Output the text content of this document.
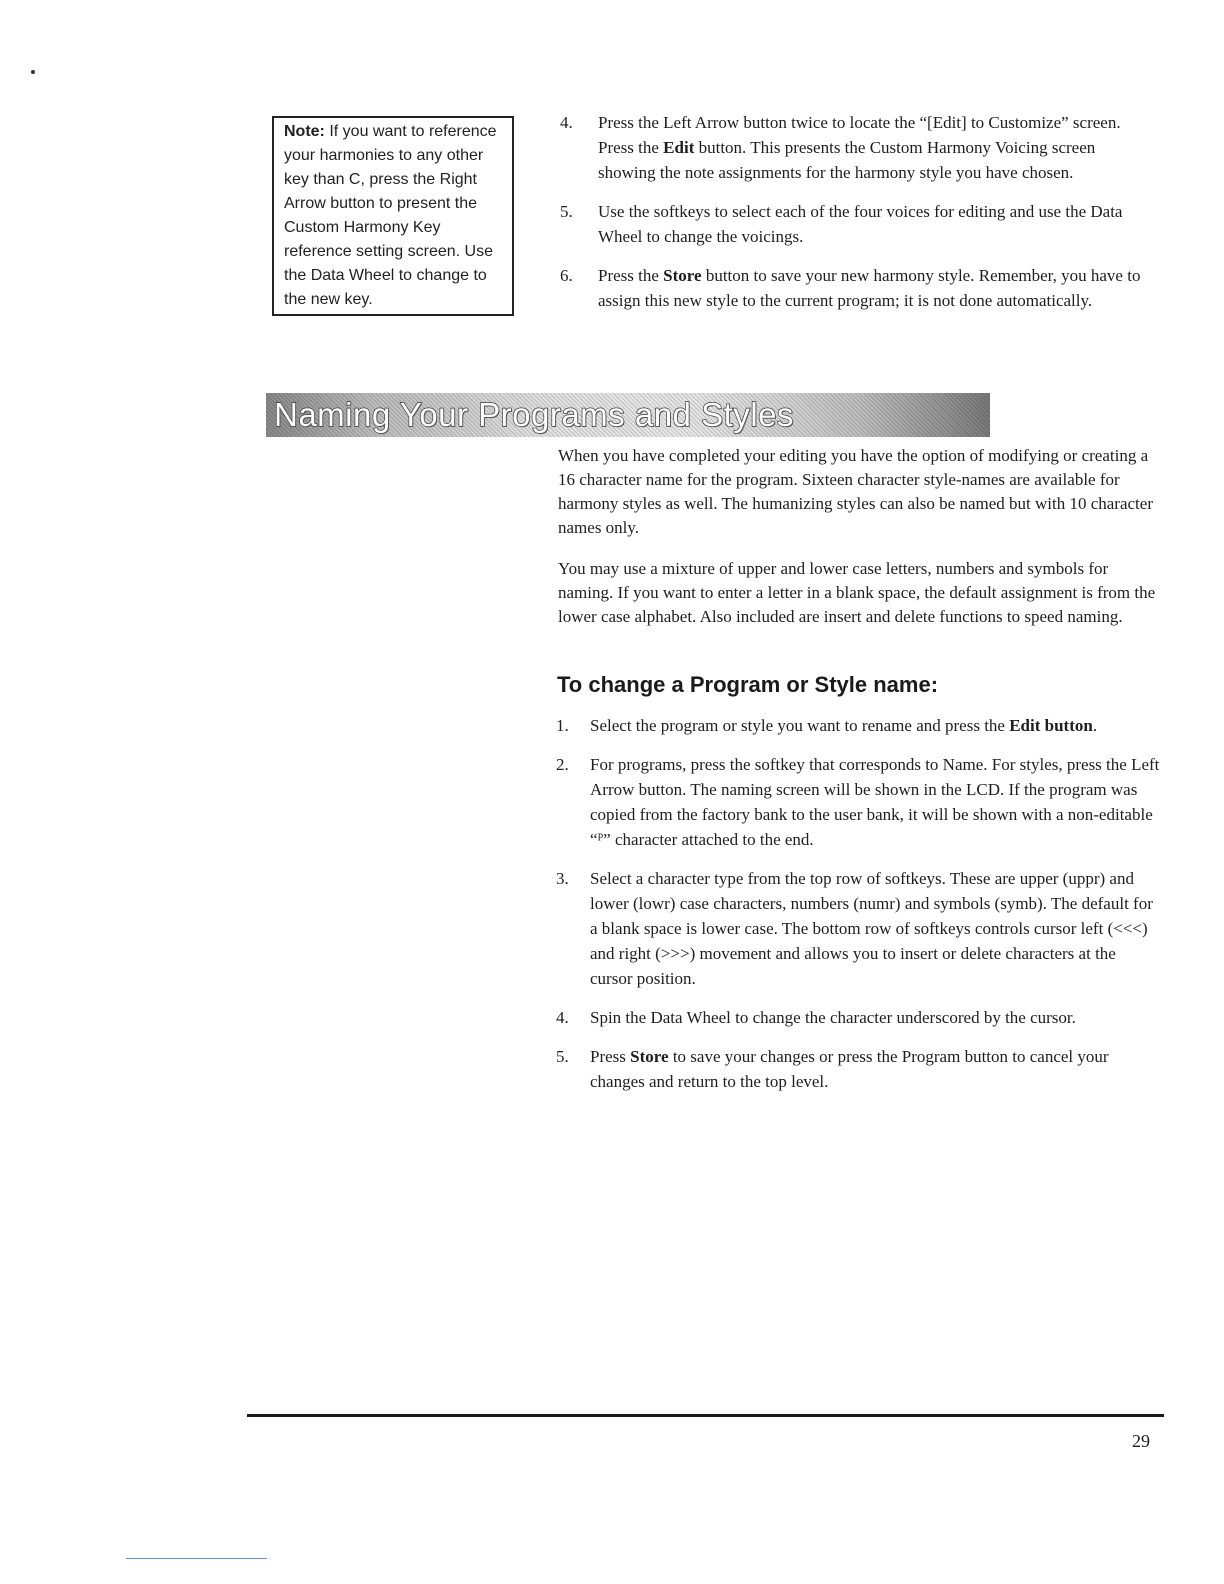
Note: If you want to reference your harmonies to any other key than C, press the Right Arrow button to present the Custom Harmony Key reference setting screen. Use the Data Wheel to change to the new key.
4. Press the Left Arrow button twice to locate the “[Edit] to Customize” screen. Press the Edit button. This presents the Custom Harmony Voicing screen showing the note assignments for the harmony style you have chosen.
5. Use the softkeys to select each of the four voices for editing and use the Data Wheel to change the voicings.
6. Press the Store button to save your new harmony style. Remember, you have to assign this new style to the current program; it is not done automatically.
Naming Your Programs and Styles

When you have completed your editing you have the option of modifying or creating a 16 character name for the program. Sixteen character style-names are available for harmony styles as well. The humanizing styles can also be named but with 10 character names only.

You may use a mixture of upper and lower case letters, numbers and symbols for naming. If you want to enter a letter in a blank space, the default assignment is from the lower case alphabet. Also included are insert and delete functions to speed naming.

To change a Program or Style name:
1. Select the program or style you want to rename and press the Edit button.
2. For programs, press the softkey that corresponds to Name. For styles, press the Left Arrow button. The naming screen will be shown in the LCD. If the program was copied from the factory bank to the user bank, it will be shown with a non-editable “ᴾ” character attached to the end.
3. Select a character type from the top row of softkeys. These are upper (uppr) and lower (lowr) case characters, numbers (numr) and symbols (symb). The default for a blank space is lower case. The bottom row of softkeys controls cursor left (<<<) and right (>>>) movement and allows you to insert or delete characters at the cursor position.
4. Spin the Data Wheel to change the character underscored by the cursor.
5. Press Store to save your changes or press the Program button to cancel your changes and return to the top level.
29
